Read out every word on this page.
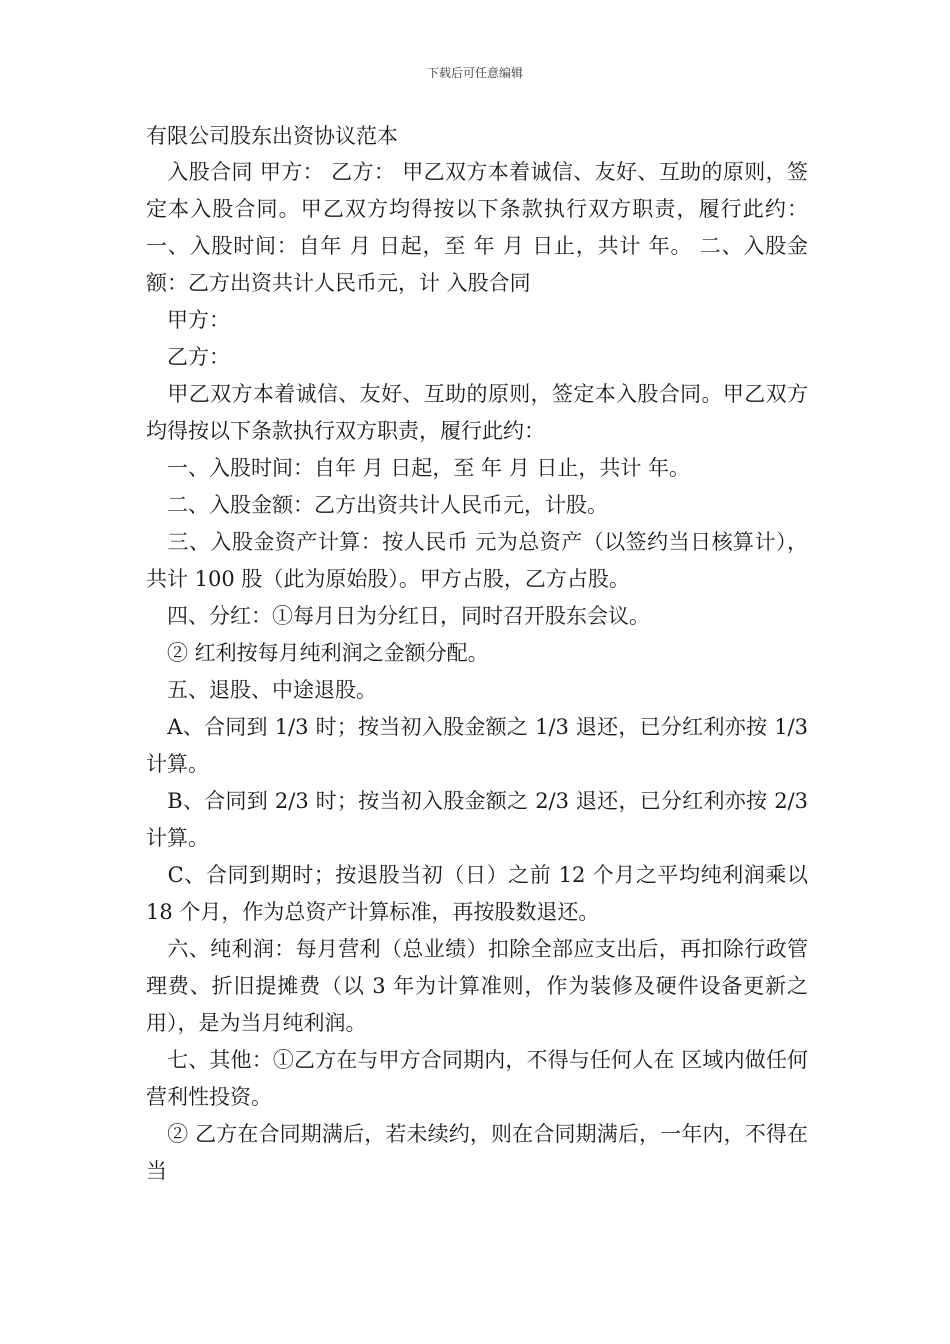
下载后可任意编辑
有限公司股东出资协议范本

　入股合同 甲方： 乙方： 甲乙双方本着诚信、友好、互助的原则，签定本入股合同。甲乙双方均得按以下条款执行双方职责，履行此约： 一、入股时间：自年 月 日起，至 年 月 日止，共计 年。 二、入股金额：乙方出资共计人民币元，计 入股合同

　甲方：

　乙方：

　甲乙双方本着诚信、友好、互助的原则，签定本入股合同。甲乙双方均得按以下条款执行双方职责，履行此约：

　一、入股时间：自年 月 日起，至 年 月 日止，共计 年。

　二、入股金额：乙方出资共计人民币元，计股。

　三、入股金资产计算：按人民币 元为总资产（以签约当日核算计），共计 100 股（此为原始股）。甲方占股，乙方占股。

　四、分红：①每月日为分红日，同时召开股东会议。

　② 红利按每月纯利润之金额分配。

　五、退股、中途退股。

　A、合同到 1/3 时；按当初入股金额之 1/3 退还，已分红利亦按 1/3 计算。

　B、合同到 2/3 时；按当初入股金额之 2/3 退还，已分红利亦按 2/3 计算。

　C、合同到期时；按退股当初（日）之前 12 个月之平均纯利润乘以 18 个月，作为总资产计算标准，再按股数退还。

　六、纯利润：每月营利（总业绩）扣除全部应支出后，再扣除行政管理费、折旧提摊费（以 3 年为计算准则，作为装修及硬件设备更新之用），是为当月纯利润。

　七、其他：①乙方在与甲方合同期内，不得与任何人在 区域内做任何营利性投资。

　② 乙方在合同期满后，若未续约，则在合同期满后，一年内，不得在当
